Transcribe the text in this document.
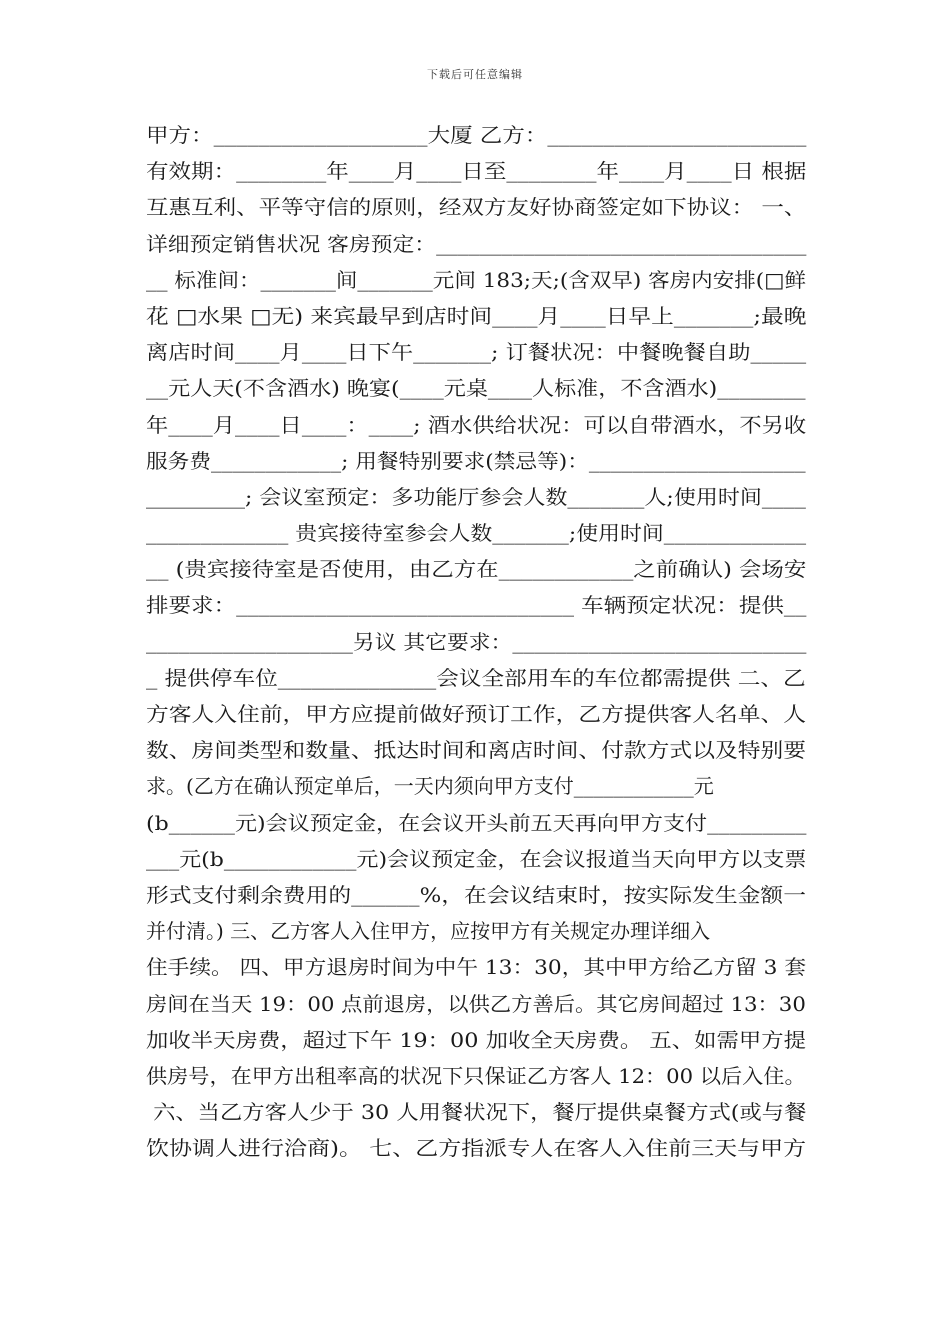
下载后可任意编辑
甲方：___________________大厦 乙方：_______________________
有效期：________年____月____日至________年____月____日 根据
互惠互利、平等守信的原则，经双方友好协商签定如下协议： 一、
详细预定销售状况 客房预定：__________________________________
__ 标准间：_______间_______元间 183;天;(含双早) 客房内安排(□鲜
花 □水果 □无) 来宾最早到店时间____月____日早上_______;最晚
离店时间____月____日下午_______; 订餐状况：中餐晚餐自助_____
__元人天(不含酒水) 晚宴(____元桌____人标准，不含酒水)________
年____月____日____：____; 酒水供给状况：可以自带酒水，不另收
服务费____________; 用餐特别要求(禁忌等)：____________________
_________; 会议室预定：多功能厅参会人数_______人;使用时间____
_____________ 贵宾接待室参会人数_______;使用时间_____________
__ (贵宾接待室是否使用，由乙方在____________之前确认) 会场安
排要求：______________________________ 车辆预定状况：提供__
___________________另议 其它要求：___________________________
_ 提供停车位______________会议全部用车的车位都需提供 二、乙
方客人入住前，甲方应提前做好预订工作，乙方提供客人名单、人
数、房间类型和数量、抵达时间和离店时间、付款方式以及特别要
求。(乙方在确认预定单后，一天内须向甲方支付____________元
(b______元)会议预定金，在会议开头前五天再向甲方支付_________
___元(b____________元)会议预定金，在会议报道当天向甲方以支票
形式支付剩余费用的______%，在会议结束时，按实际发生金额一
并付清。) 三、乙方客人入住甲方，应按甲方有关规定办理详细入
住手续。 四、甲方退房时间为中午 13：30，其中甲方给乙方留 3 套
房间在当天 19：00 点前退房，以供乙方善后。其它房间超过 13：30
加收半天房费，超过下午 19：00 加收全天房费。 五、如需甲方提
供房号，在甲方出租率高的状况下只保证乙方客人 12：00 以后入住。
六、当乙方客人少于 30 人用餐状况下，餐厅提供桌餐方式(或与餐
饮协调人进行洽商)。 七、乙方指派专人在客人入住前三天与甲方
